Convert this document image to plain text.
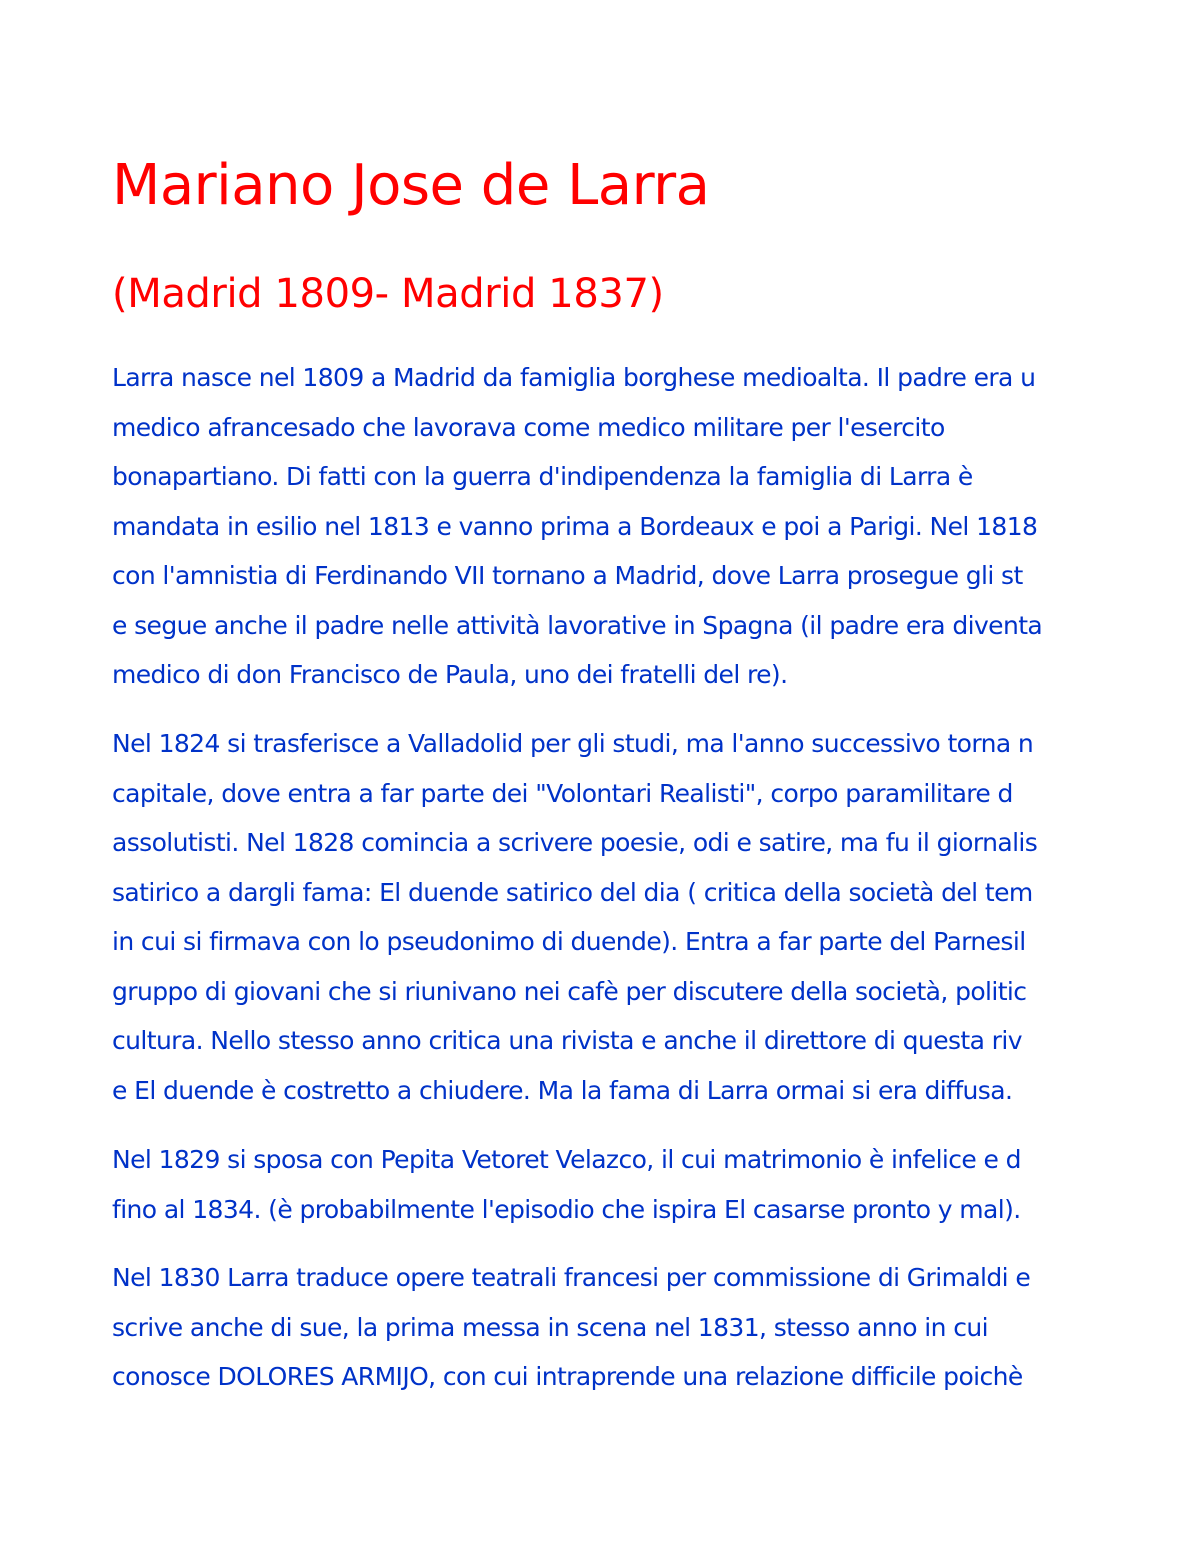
Mariano Jose de Larra
(Madrid 1809- Madrid 1837)

Larra nasce nel 1809 a Madrid da famiglia borghese medioalta. Il padre era u
medico afrancesado che lavorava come medico militare per l'esercito
bonapartiano. Di fatti con la guerra d'indipendenza la famiglia di Larra è
mandata in esilio nel 1813 e vanno prima a Bordeaux e poi a Parigi. Nel 1818
con l'amnistia di Ferdinando VII tornano a Madrid, dove Larra prosegue gli st
e segue anche il padre nelle attività lavorative in Spagna (il padre era diventa
medico di don Francisco de Paula, uno dei fratelli del re).

Nel 1824 si trasferisce a Valladolid per gli studi, ma l'anno successivo torna n
capitale, dove entra a far parte dei "Volontari Realisti", corpo paramilitare d
assolutisti. Nel 1828 comincia a scrivere poesie, odi e satire, ma fu il giornalis
satirico a dargli fama: El duende satirico del dia ( critica della società del tem
in cui si firmava con lo pseudonimo di duende). Entra a far parte del Parnesil
gruppo di giovani che si riunivano nei cafè per discutere della società, politic
cultura. Nello stesso anno critica una rivista e anche il direttore di questa riv
e El duende è costretto a chiudere. Ma la fama di Larra ormai si era diffusa.

Nel 1829 si sposa con Pepita Vetoret Velazco, il cui matrimonio è infelice e d
fino al 1834. (è probabilmente l'episodio che ispira El casarse pronto y mal).

Nel 1830 Larra traduce opere teatrali francesi per commissione di Grimaldi e
scrive anche di sue, la prima messa in scena nel 1831, stesso anno in cui
conosce DOLORES ARMIJO, con cui intraprende una relazione difficile poichè
